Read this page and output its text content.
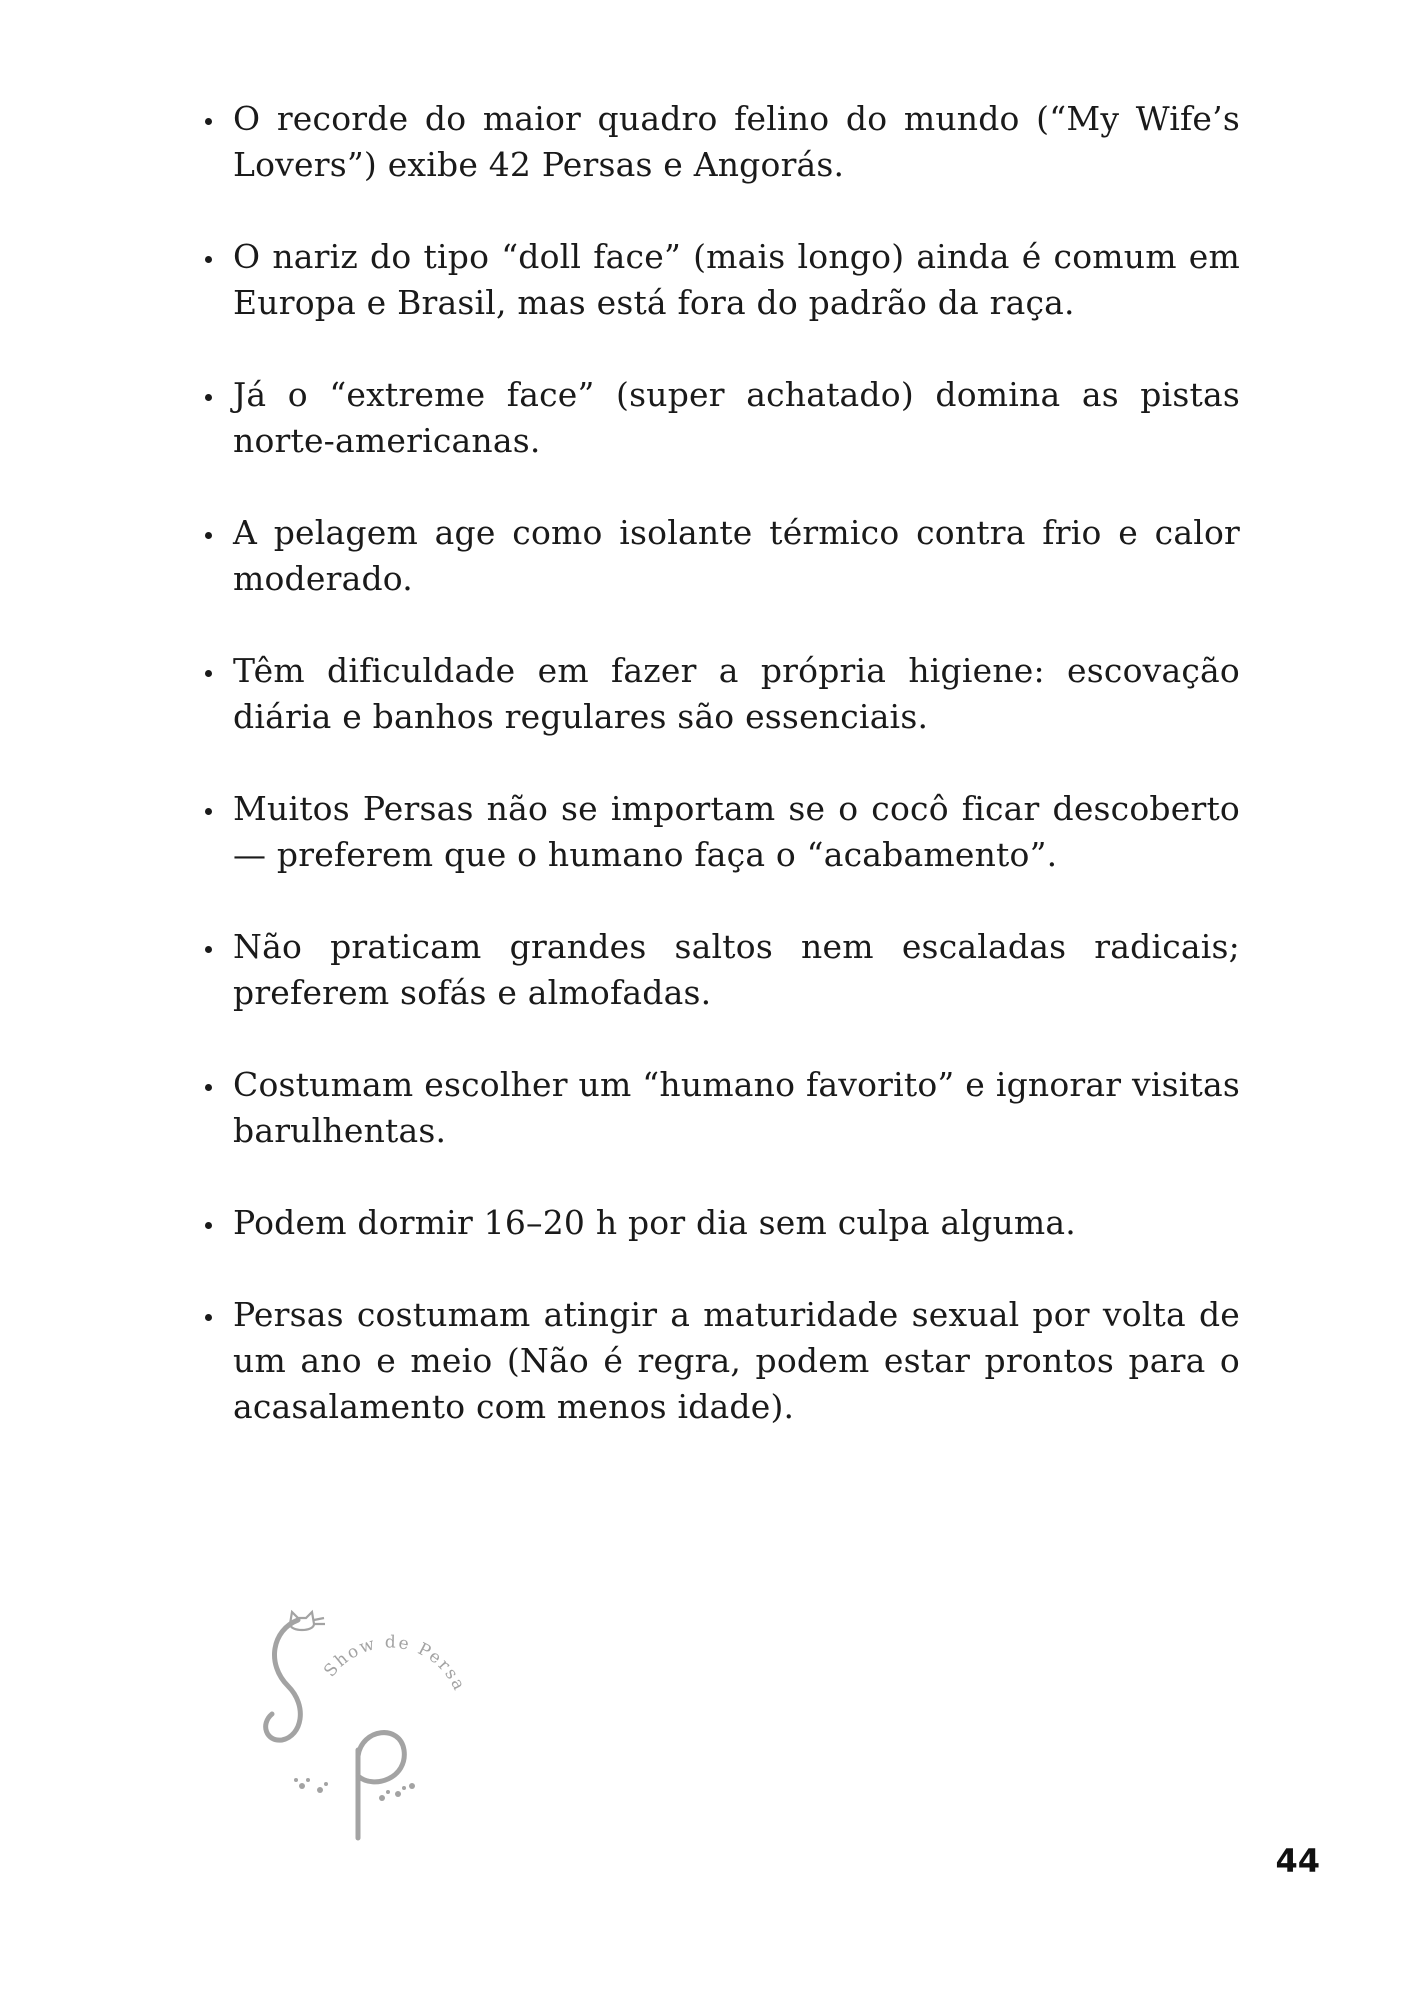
O recorde do maior quadro felino do mundo (“My Wife’s Lovers”) exibe 42 Persas e Angorás.
O nariz do tipo “doll face” (mais longo) ainda é comum em Europa e Brasil, mas está fora do padrão da raça.
Já o “extreme face” (super achatado) domina as pistas norte-americanas.
A pelagem age como isolante térmico contra frio e calor moderado.
Têm dificuldade em fazer a própria higiene: escovação diária e banhos regulares são essenciais.
Muitos Persas não se importam se o cocô ficar descoberto — preferem que o humano faça o “acabamento”.
Não praticam grandes saltos nem escaladas radicais; preferem sofás e almofadas.
Costumam escolher um “humano favorito” e ignorar visitas barulhentas.
Podem dormir 16–20 h por dia sem culpa alguma.
Persas costumam atingir a maturidade sexual por volta de um ano e meio (Não é regra, podem estar prontos para o acasalamento com menos idade).
Show de Pers
44
